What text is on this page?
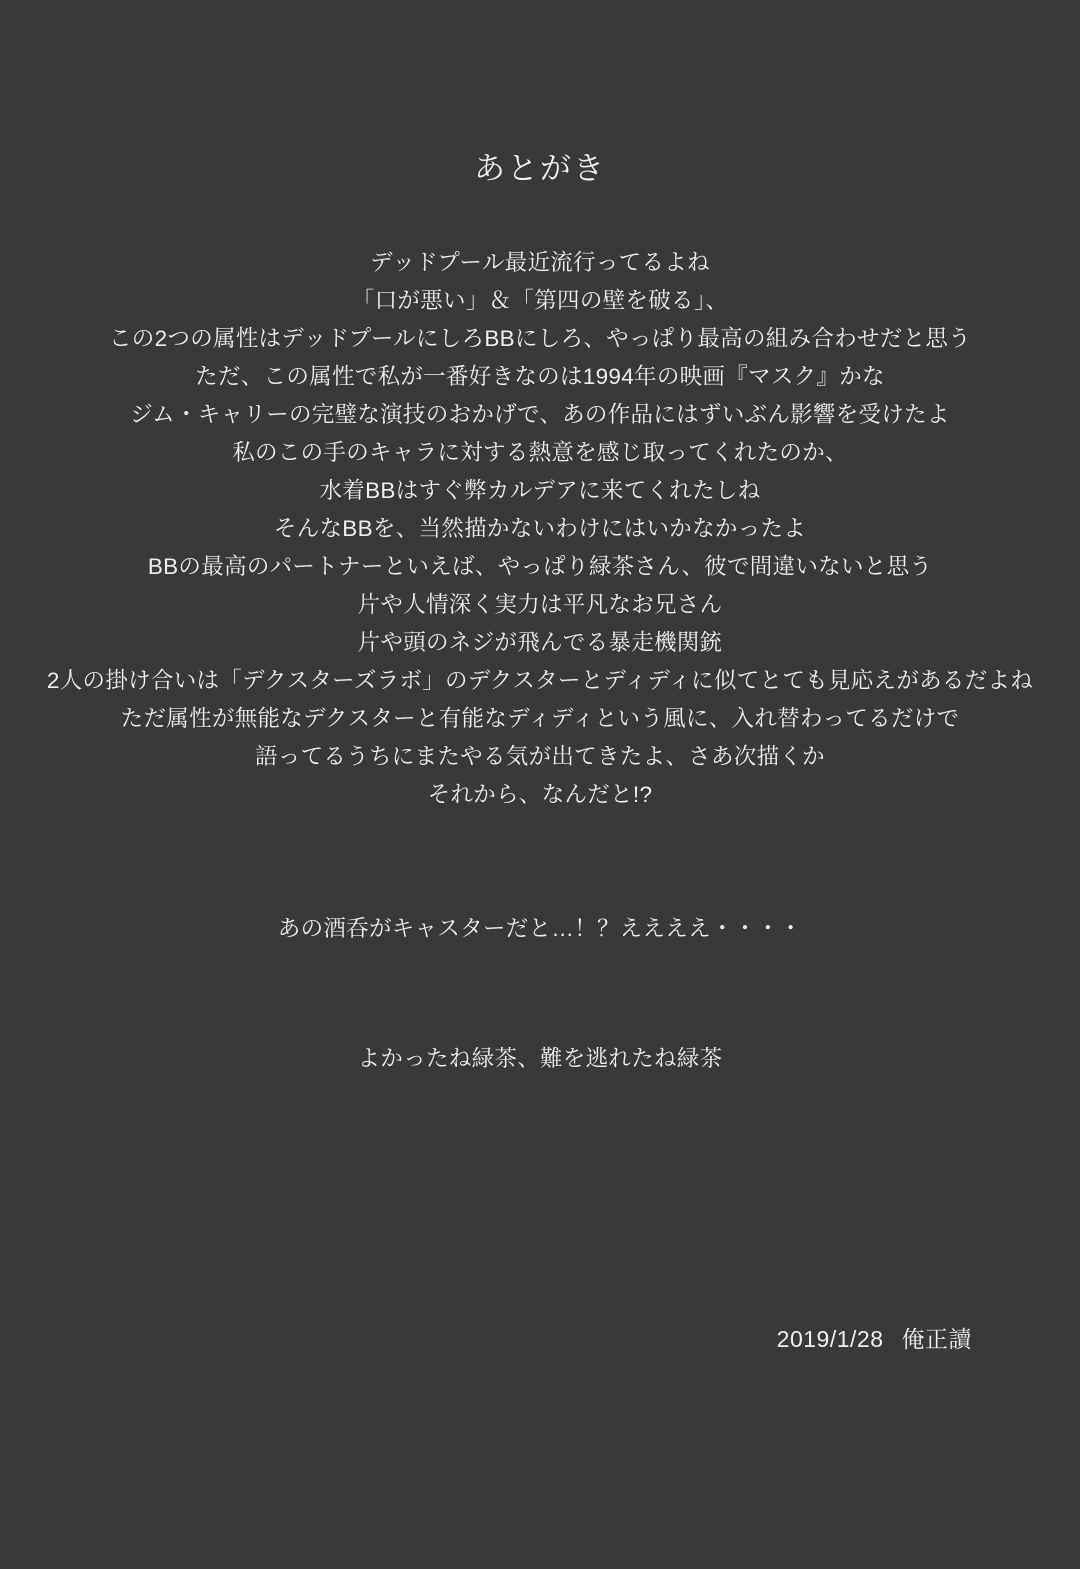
あとがき
デッドプール最近流行ってるよね
「口が悪い」＆「第四の壁を破る」、
この2つの属性はデッドプールにしろBBにしろ、やっぱり最高の組み合わせだと思う
ただ、この属性で私が一番好きなのは1994年の映画『マスク』かな
ジム・キャリーの完璧な演技のおかげで、あの作品にはずいぶん影響を受けたよ
私のこの手のキャラに対する熱意を感じ取ってくれたのか、
水着BBはすぐ弊カルデアに来てくれたしね
そんなBBを、当然描かないわけにはいかなかったよ
BBの最高のパートナーといえば、やっぱり緑茶さん、彼で間違いないと思う
片や人情深く実力は平凡なお兄さん
片や頭のネジが飛んでる暴走機関銃
2人の掛け合いは「デクスターズラボ」のデクスターとディディに似てとても見応えがあるだよね
ただ属性が無能なデクスターと有能なディディという風に、入れ替わってるだけで
語ってるうちにまたやる気が出てきたよ、さあ次描くか
それから、なんだと!?
あの酒呑がキャスターだと…！？ええええ・・・・
よかったね緑茶、難を逃れたね緑茶
2019/1/28 俺正讀
